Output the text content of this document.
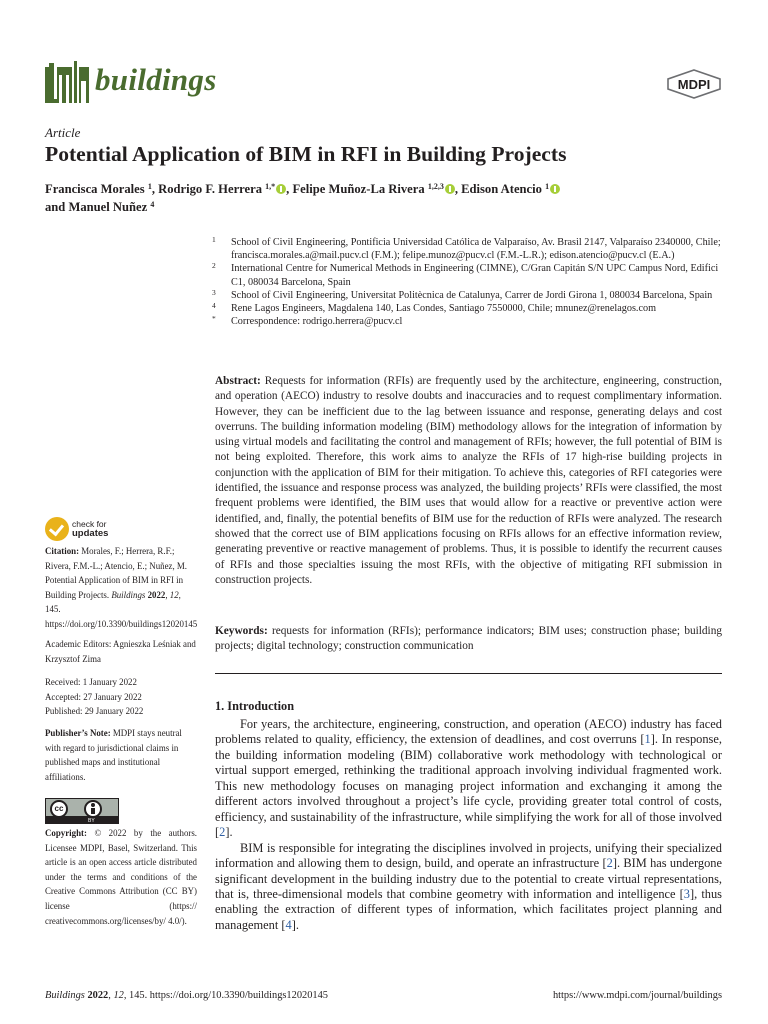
buildings	MDPI
Article
Potential Application of BIM in RFI in Building Projects
Francisca Morales $^1$, Rodrigo F. Herrera $^{1,*}$ , Felipe Muñoz-La Rivera $^{1,2,3}$ , Edison Atencio $^1$
and Manuel Nuñez $^4$
1 School of Civil Engineering, Pontificia Universidad Católica de Valparaíso, Av. Brasil 2147, Valparaíso 2340000, Chile; francisca.morales.a@mail.pucv.cl (F.M.); felipe.munoz@pucv.cl (F.M.-L.R.); edison.atencio@pucv.cl (E.A.)
2 International Centre for Numerical Methods in Engineering (CIMNE), C/Gran Capitán S/N UPC Campus Nord, Edifici C1, 080034 Barcelona, Spain
3 School of Civil Engineering, Universitat Politècnica de Catalunya, Carrer de Jordi Girona 1, 080034 Barcelona, Spain
4 Rene Lagos Engineers, Magdalena 140, Las Condes, Santiago 7550000, Chile; mnunez@renelagos.com
* Correspondence: rodrigo.herrera@pucv.cl

Abstract: Requests for information (RFIs) are frequently used by the architecture, engineering, construction, and operation (AECO) industry to resolve doubts and inaccuracies and to request complimentary information. However, they can be inefficient due to the lag between issuance and response, generating delays and cost overruns. The building information modeling (BIM) methodology allows for the integration of information by using virtual models and facilitating the control and management of RFIs; however, the full potential of BIM is not being exploited. Therefore, this work aims to analyze the RFIs of 17 high-rise building projects in conjunction with the application of BIM for their mitigation. To achieve this, categories of RFI categories were identified, the issuance and response process was analyzed, the building projects’ RFIs were classified, the most frequent problems were identified, the BIM uses that would allow for a reactive or preventive action were identified, and, finally, the potential benefits of BIM use for the reduction of RFIs were analyzed. The research showed that the correct use of BIM applications focusing on RFIs allows for an effective information review, generating preventive or reactive management of problems. Thus, it is possible to identify the recurrent causes of RFIs and those specialties issuing the most RFIs, with the objective of mitigating RFI submission in construction projects.

Keywords: requests for information (RFIs); performance indicators; BIM uses; construction phase; building projects; digital technology; construction communication

1. Introduction

For years, the architecture, engineering, construction, and operation (AECO) industry has faced problems related to quality, efficiency, the extension of deadlines, and cost overruns [1]. In response, the building information modeling (BIM) collaborative work methodology with technological or virtual support emerged, rethinking the traditional approach involving individual fragmented work. This new methodology focuses on managing project information and exchanging it among the different actors involved throughout a project’s life cycle, providing greater total control of costs, efficiency, and sustainability of the infrastructure, while simplifying the work for all of those involved [2].

BIM is responsible for integrating the disciplines involved in projects, unifying their specialized information and allowing them to design, build, and operate an infrastructure [2]. BIM has undergone significant development in the building industry due to the potential to create virtual representations, that is, three-dimensional models that combine geometry with information and intelligence [3], thus enabling the extraction of different types of information, which facilitates project planning and management [4].

check for
updates
Citation: Morales, F.; Herrera, R.F.; Rivera, F.M.-L.; Atencio, E.; Nuñez, M. Potential Application of BIM in RFI in Building Projects. Buildings 2022, 12, 145. https://doi.org/10.3390/buildings12020145
Academic Editors: Agnieszka Leśniak and Krzysztof Zima
Received: 1 January 2022
Accepted: 27 January 2022
Published: 29 January 2022
Publisher’s Note: MDPI stays neutral with regard to jurisdictional claims in published maps and institutional affiliations.
cc
BY
Copyright: © 2022 by the authors. Licensee MDPI, Basel, Switzerland. This article is an open access article distributed under the terms and conditions of the Creative Commons Attribution (CC BY) license (https:// creativecommons.org/licenses/by/ 4.0/).
Buildings 2022, 12, 145. https://doi.org/10.3390/buildings12020145	https://www.mdpi.com/journal/buildings
